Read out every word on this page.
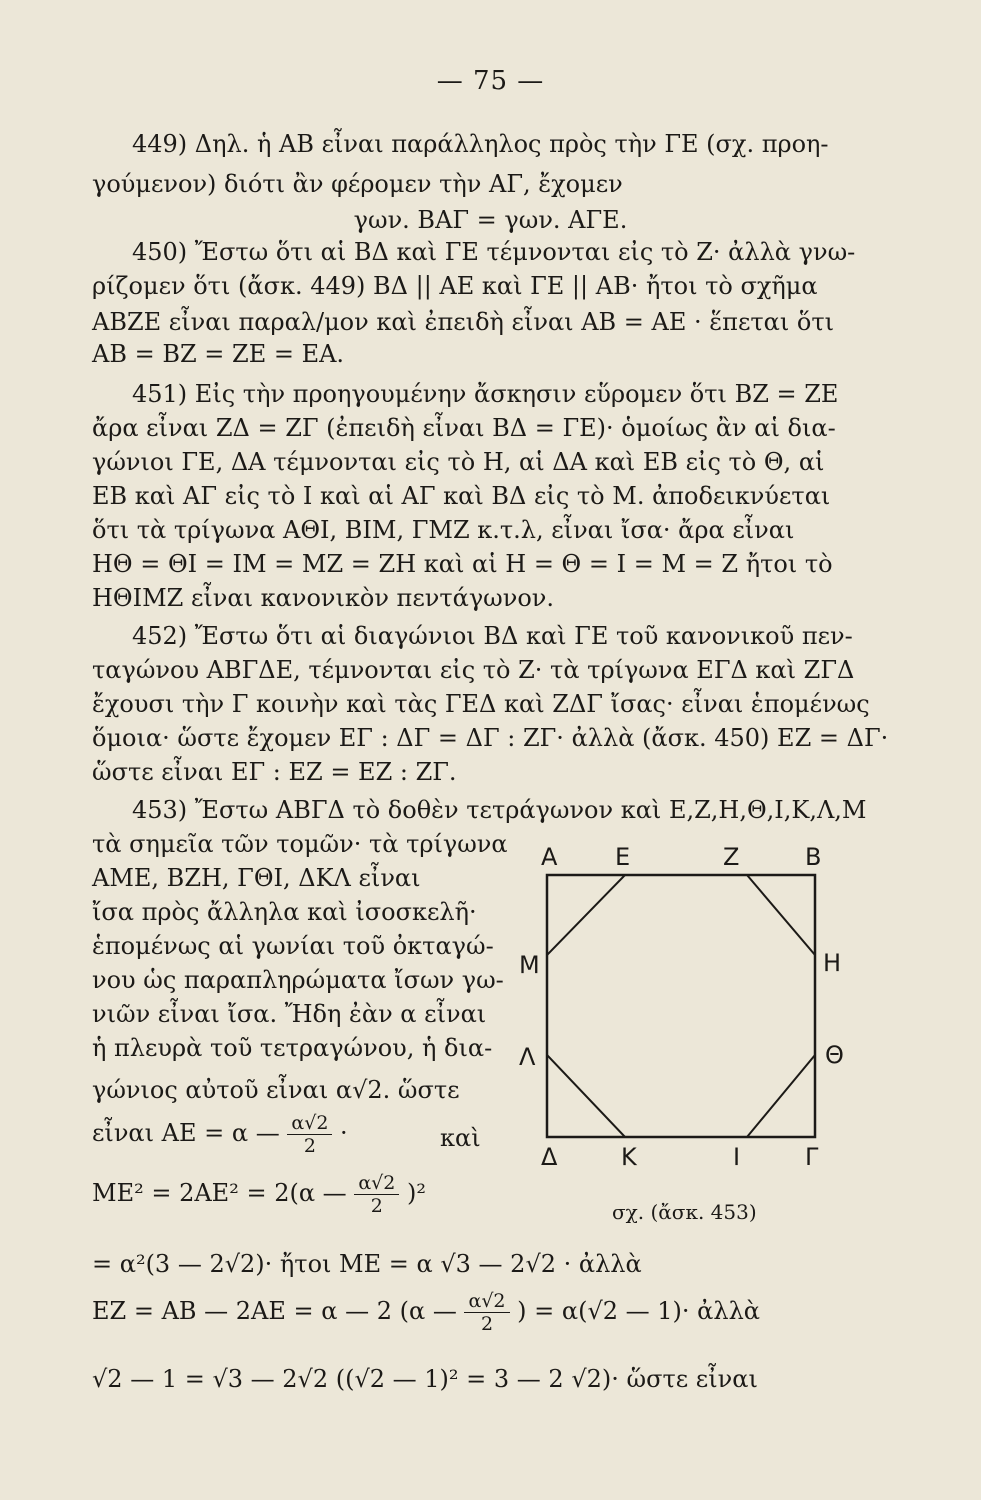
— 75 —
449) Δηλ. ἡ ΑΒ εἶναι παράλληλος πρὸς τὴν ΓΕ (σχ. προη-
γούμενον) διότι ἂν φέρομεν τὴν ΑΓ, ἔχομεν
γων. ΒΑΓ = γων. ΑΓΕ.
450) Ἔστω ὅτι αἱ ΒΔ καὶ ΓΕ τέμνονται εἰς τὸ Ζ· ἀλλὰ γνω-
ρίζομεν ὅτι (ἄσκ. 449) ΒΔ || ΑΕ καὶ ΓΕ || ΑΒ· ἤτοι τὸ σχῆμα
ΑΒΖΕ εἶναι παραλ/μον καὶ ἐπειδὴ εἶναι ΑΒ = ΑΕ · ἕπεται ὅτι
ΑΒ = ΒΖ = ΖΕ = ΕΑ.
451) Εἰς τὴν προηγουμένην ἄσκησιν εὕρομεν ὅτι ΒΖ = ΖΕ
ἄρα εἶναι ΖΔ = ΖΓ (ἐπειδὴ εἶναι ΒΔ = ΓΕ)· ὁμοίως ἂν αἱ δια-
γώνιοι ΓΕ, ΔΑ τέμνονται εἰς τὸ Η, αἱ ΔΑ καὶ ΕΒ εἰς τὸ Θ, αἱ
ΕΒ καὶ ΑΓ εἰς τὸ Ι καὶ αἱ ΑΓ καὶ ΒΔ εἰς τὸ Μ. ἀποδεικνύεται
ὅτι τὰ τρίγωνα ΑΘΙ, ΒΙΜ, ΓΜΖ κ.τ.λ, εἶναι ἴσα· ἄρα εἶναι
ΗΘ = ΘΙ = ΙΜ = ΜΖ = ΖΗ καὶ αἱ Η = Θ = Ι = Μ = Ζ ἤτοι τὸ
ΗΘΙΜΖ εἶναι κανονικὸν πεντάγωνον.
452) Ἔστω ὅτι αἱ διαγώνιοι ΒΔ καὶ ΓΕ τοῦ κανονικοῦ πεν-
ταγώνου ΑΒΓΔΕ, τέμνονται εἰς τὸ Ζ· τὰ τρίγωνα ΕΓΔ καὶ ΖΓΔ
ἔχουσι τὴν Γ κοινὴν καὶ τὰς ΓΕΔ καὶ ΖΔΓ ἴσας· εἶναι ἑπομένως
ὅμοια· ὥστε ἔχομεν ΕΓ : ΔΓ = ΔΓ : ΖΓ· ἀλλὰ (ἄσκ. 450) ΕΖ = ΔΓ·
ὥστε εἶναι ΕΓ : ΕΖ = ΕΖ : ΖΓ.
453) Ἔστω ΑΒΓΔ τὸ δοθὲν τετράγωνον καὶ Ε,Ζ,Η,Θ,Ι,Κ,Λ,Μ
τὰ σημεῖα τῶν τομῶν· τὰ τρίγωνα
ΑΜΕ, ΒΖΗ, ΓΘΙ, ΔΚΛ εἶναι
ἴσα πρὸς ἄλληλα καὶ ἰσοσκελῆ·
ἑπομένως αἱ γωνίαι τοῦ ὀκταγώ-
νου ὡς παραπληρώματα ἴσων γω-
νιῶν εἶναι ἴσα. Ἤδη ἐὰν α εἶναι
ἡ πλευρὰ τοῦ τετραγώνου, ἡ δια-
γώνιος αὐτοῦ εἶναι α√2. ὥστε
εἶναι ΑΕ = α — $\frac{\alpha√2}{2}$ ·	καὶ
ΜΕ² = 2ΑΕ² = 2(α — $\frac{\alpha√2}{2} )^2$
= α²(3 — 2√2)· ἤτοι ΜΕ = α √3 — 2√2 · ἀλλὰ
ΕΖ = ΑΒ — 2ΑΕ = α — 2 (α — $\frac{\alpha√2}{2}$ ) = α(√2 — 1)· ἀλλὰ
√2 — 1 = √3 — 2√2 ((√2 — 1)² = 3 — 2 √2)· ὥστε εἶναι
Α Ε	Ζ	Β
Μ	Η
Λ	Θ
Δ	Κ	Ι	Γ
σχ. (ἄσκ. 453)
